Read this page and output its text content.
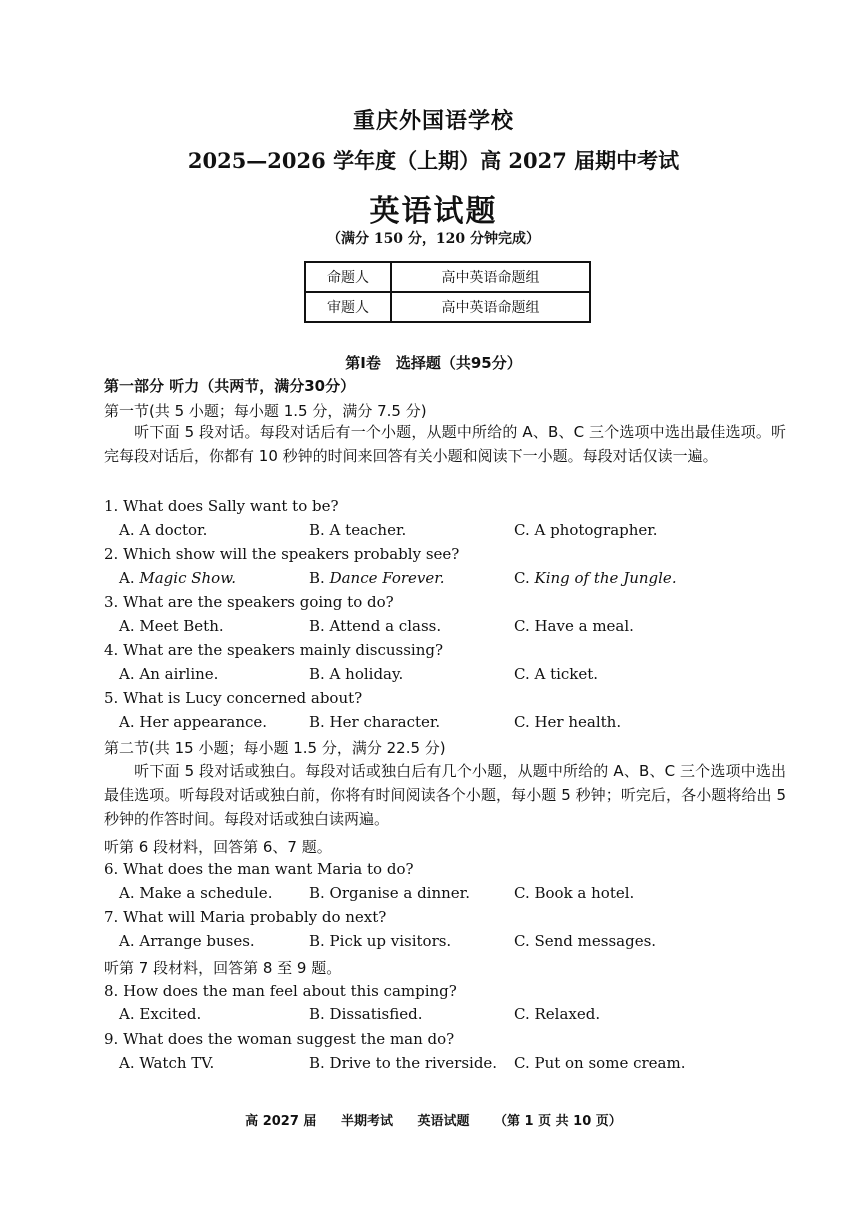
重庆外国语学校
2025—2026 学年度（上期）高 2027 届期中考试
英语试题
（满分 150 分，120 分钟完成）
命题人	高中英语命题组
审题人	高中英语命题组
第Ⅰ卷　选择题（共95分）
第一部分 听力（共两节，满分30分）
第一节(共 5 小题；每小题 1.5 分，满分 7.5 分)
听下面 5 段对话。每段对话后有一个小题，从题中所给的 A、B、C 三个选项中选出最佳选项。听完每段对话后，你都有 10 秒钟的时间来回答有关小题和阅读下一小题。每段对话仅读一遍。
1. What does Sally want to be?
A. A doctor.	B. A teacher.	C. A photographer.
2. Which show will the speakers probably see?
A. Magic Show.	B. Dance Forever.	C. King of the Jungle.
3. What are the speakers going to do?
A. Meet Beth.	B. Attend a class.	C. Have a meal.
4. What are the speakers mainly discussing?
A. An airline.	B. A holiday.	C. A ticket.
5. What is Lucy concerned about?
A. Her appearance.	B. Her character.	C. Her health.
第二节(共 15 小题；每小题 1.5 分，满分 22.5 分)
听下面 5 段对话或独白。每段对话或独白后有几个小题，从题中所给的 A、B、C 三个选项中选出最佳选项。听每段对话或独白前，你将有时间阅读各个小题，每小题 5 秒钟；听完后，各小题将给出 5 秒钟的作答时间。每段对话或独白读两遍。
听第 6 段材料，回答第 6、7 题。
6. What does the man want Maria to do?
A. Make a schedule. B. Organise a dinner.	C. Book a hotel.
7. What will Maria probably do next?
A. Arrange buses.	B. Pick up visitors.	C. Send messages.
听第 7 段材料，回答第 8 至 9 题。
8. How does the man feel about this camping?
A. Excited.	B. Dissatisfied.	C. Relaxed.
9. What does the woman suggest the man do?
A. Watch TV.	B. Drive to the riverside. C. Put on some cream.
高 2027 届 半期考试 英语试题 （第 1 页 共 10 页）
